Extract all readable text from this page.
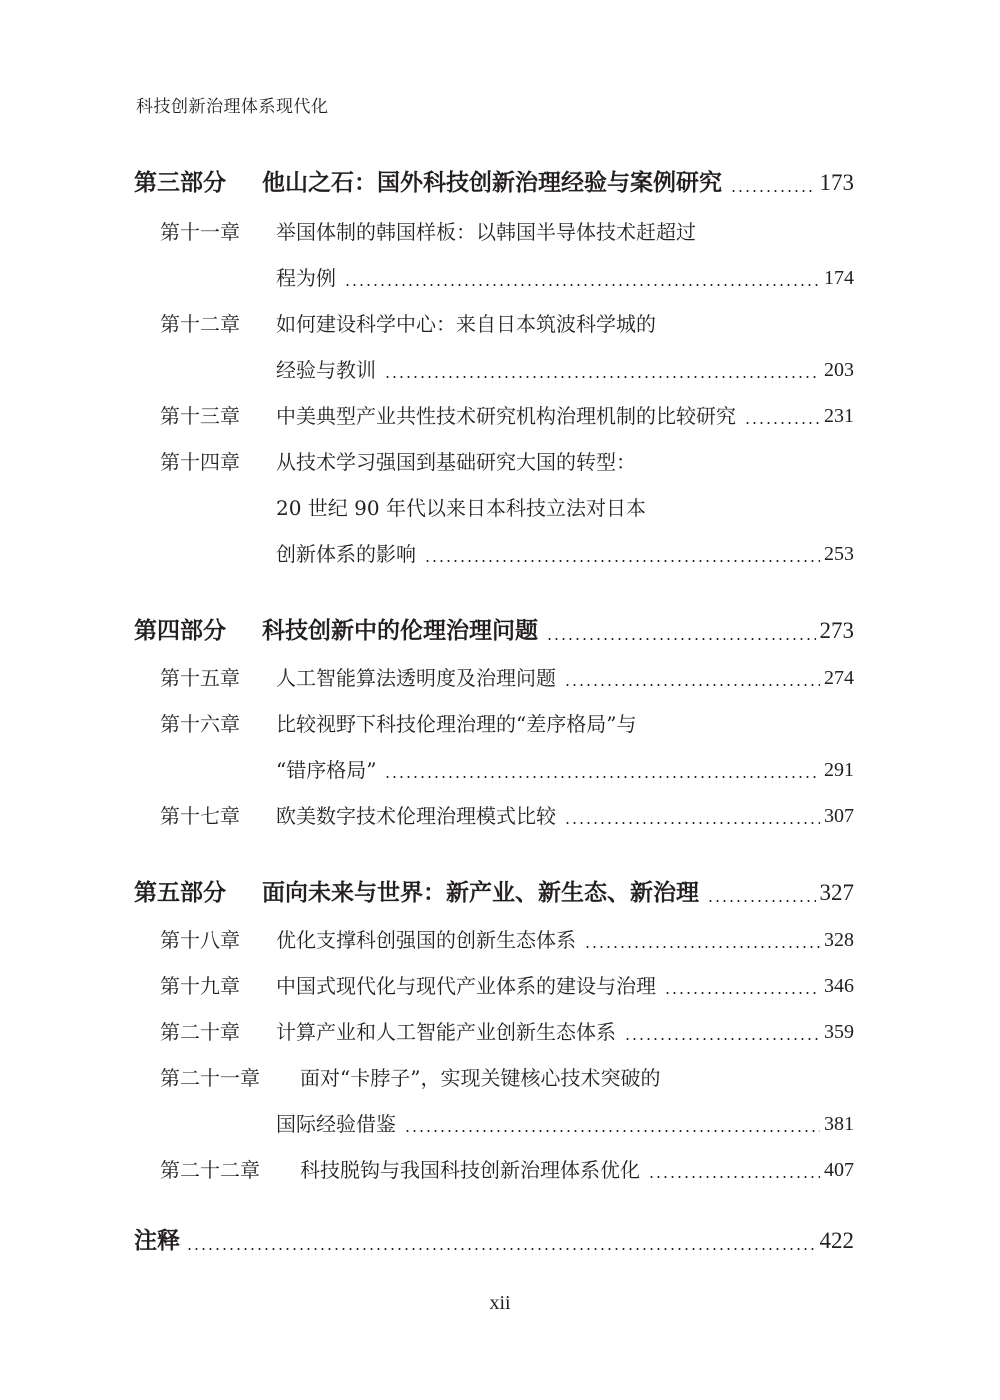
科技创新治理体系现代化
第三部分 他山之石：国外科技创新治理经验与案例研究	173
第十一章 举国体制的韩国样板：以韩国半导体技术赶超过
程为例	174
第十二章 如何建设科学中心：来自日本筑波科学城的
经验与教训	203
第十三章 中美典型产业共性技术研究机构治理机制的比较研究	231
第十四章 从技术学习强国到基础研究大国的转型：
20 世纪 90 年代以来日本科技立法对日本
创新体系的影响	253
第四部分 科技创新中的伦理治理问题	273
第十五章 人工智能算法透明度及治理问题	274
第十六章 比较视野下科技伦理治理的“差序格局”与
“错序格局”	291
第十七章 欧美数字技术伦理治理模式比较	307
第五部分 面向未来与世界：新产业、新生态、新治理	327
第十八章 优化支撑科创强国的创新生态体系	328
第十九章 中国式现代化与现代产业体系的建设与治理	346
第二十章 计算产业和人工智能产业创新生态体系	359
第二十一章 面对“卡脖子”，实现关键核心技术突破的
国际经验借鉴	381
第二十二章 科技脱钩与我国科技创新治理体系优化	407
注释	422
xii
